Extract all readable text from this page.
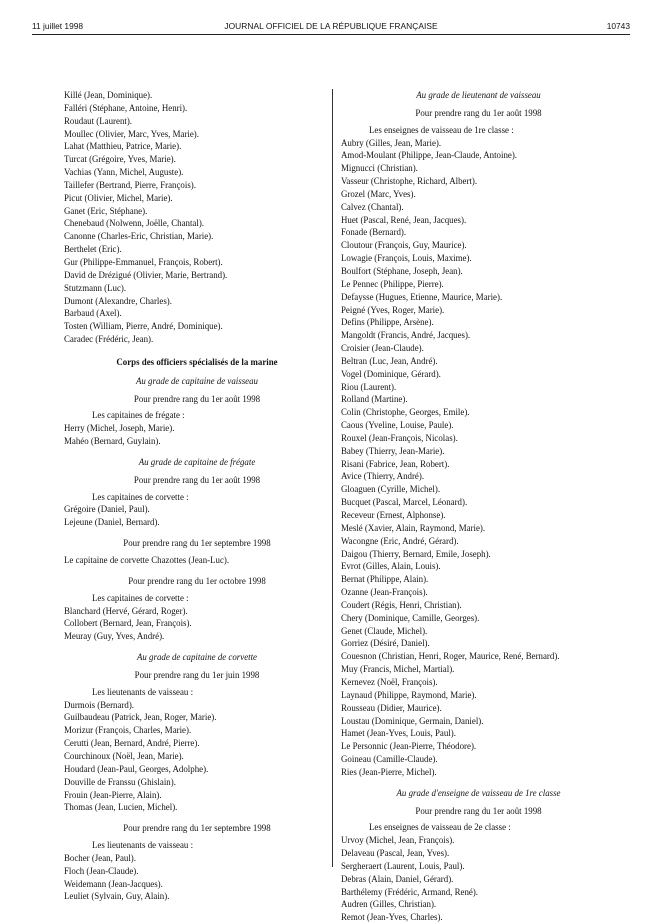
11 juillet 1998	JOURNAL OFFICIEL DE LA RÉPUBLIQUE FRANÇAISE	10743
Killé (Jean, Dominique).
Falléri (Stéphane, Antoine, Henri).
Roudaut (Laurent).
Moullec (Olivier, Marc, Yves, Marie).
Lahat (Matthieu, Patrice, Marie).
Turcat (Grégoire, Yves, Marie).
Vachias (Yann, Michel, Auguste).
Taillefer (Bertrand, Pierre, François).
Picut (Olivier, Michel, Marie).
Ganet (Eric, Stéphane).
Chenebaud (Nolwenn, Joëlle, Chantal).
Canonne (Charles-Eric, Christian, Marie).
Berthelet (Eric).
Gur (Philippe-Emmanuel, François, Robert).
David de Drézigué (Olivier, Marie, Bertrand).
Stutzmann (Luc).
Dumont (Alexandre, Charles).
Barbaud (Axel).
Tosten (William, Pierre, André, Dominique).
Caradec (Frédéric, Jean).
Corps des officiers spécialisés de la marine
Au grade de capitaine de vaisseau
Pour prendre rang du 1er août 1998
Les capitaines de frégate :
Herry (Michel, Joseph, Marie).
Mahéo (Bernard, Guylain).
Au grade de capitaine de frégate
Pour prendre rang du 1er août 1998
Les capitaines de corvette :
Grégoire (Daniel, Paul).
Lejeune (Daniel, Bernard).
Pour prendre rang du 1er septembre 1998
Le capitaine de corvette Chazottes (Jean-Luc).
Pour prendre rang du 1er octobre 1998
Les capitaines de corvette :
Blanchard (Hervé, Gérard, Roger).
Collobert (Bernard, Jean, François).
Meuray (Guy, Yves, André).
Au grade de capitaine de corvette
Pour prendre rang du 1er juin 1998
Les lieutenants de vaisseau :
Durmois (Bernard).
Guilbaudeau (Patrick, Jean, Roger, Marie).
Morizur (François, Charles, Marie).
Cerutti (Jean, Bernard, André, Pierre).
Courchinoux (Noël, Jean, Marie).
Houdard (Jean-Paul, Georges, Adolphe).
Douville de Franssu (Ghislain).
Frouin (Jean-Pierre, Alain).
Thomas (Jean, Lucien, Michel).
Pour prendre rang du 1er septembre 1998
Les lieutenants de vaisseau :
Bocher (Jean, Paul).
Floch (Jean-Claude).
Weidemann (Jean-Jacques).
Leuliet (Sylvain, Guy, Alain).
Au grade de lieutenant de vaisseau
Pour prendre rang du 1er août 1998
Les enseignes de vaisseau de 1re classe :
Aubry (Gilles, Jean, Marie).
Amod-Moulant (Philippe, Jean-Claude, Antoine).
Mignucci (Christian).
Vasseur (Christophe, Richard, Albert).
Grozel (Marc, Yves).
Calvez (Chantal).
Huet (Pascal, René, Jean, Jacques).
Fonade (Bernard).
Cloutour (François, Guy, Maurice).
Lowagie (François, Louis, Maxime).
Boulfort (Stéphane, Joseph, Jean).
Le Pennec (Philippe, Pierre).
Defaysse (Hugues, Etienne, Maurice, Marie).
Peigné (Yves, Roger, Marie).
Defins (Philippe, Arsène).
Mangoldt (Francis, André, Jacques).
Croisier (Jean-Claude).
Beltran (Luc, Jean, André).
Vogel (Dominique, Gérard).
Riou (Laurent).
Rolland (Martine).
Colin (Christophe, Georges, Emile).
Caous (Yveline, Louise, Paule).
Rouxel (Jean-François, Nicolas).
Babey (Thierry, Jean-Marie).
Risani (Fabrice, Jean, Robert).
Avice (Thierry, André).
Gloaguen (Cyrille, Michel).
Bucquet (Pascal, Marcel, Léonard).
Receveur (Ernest, Alphonse).
Meslé (Xavier, Alain, Raymond, Marie).
Wacongne (Eric, André, Gérard).
Daigou (Thierry, Bernard, Emile, Joseph).
Evrot (Gilles, Alain, Louis).
Bernat (Philippe, Alain).
Ozanne (Jean-François).
Coudert (Régis, Henri, Christian).
Chery (Dominique, Camille, Georges).
Genet (Claude, Michel).
Gorriez (Désiré, Daniel).
Couesnon (Christian, Henri, Roger, Maurice, René, Bernard).
Muy (Francis, Michel, Martial).
Kernevez (Noël, François).
Laynaud (Philippe, Raymond, Marie).
Rousseau (Didier, Maurice).
Loustau (Dominique, Germain, Daniel).
Hamet (Jean-Yves, Louis, Paul).
Le Personnic (Jean-Pierre, Théodore).
Goineau (Camille-Claude).
Ries (Jean-Pierre, Michel).
Au grade d'enseigne de vaisseau de 1re classe
Pour prendre rang du 1er août 1998
Les enseignes de vaisseau de 2e classe :
Urvoy (Michel, Jean, François).
Delaveau (Pascal, Jean, Yves).
Sergheraert (Laurent, Louis, Paul).
Debras (Alain, Daniel, Gérard).
Barthélemy (Frédéric, Armand, René).
Audren (Gilles, Christian).
Remot (Jean-Yves, Charles).
